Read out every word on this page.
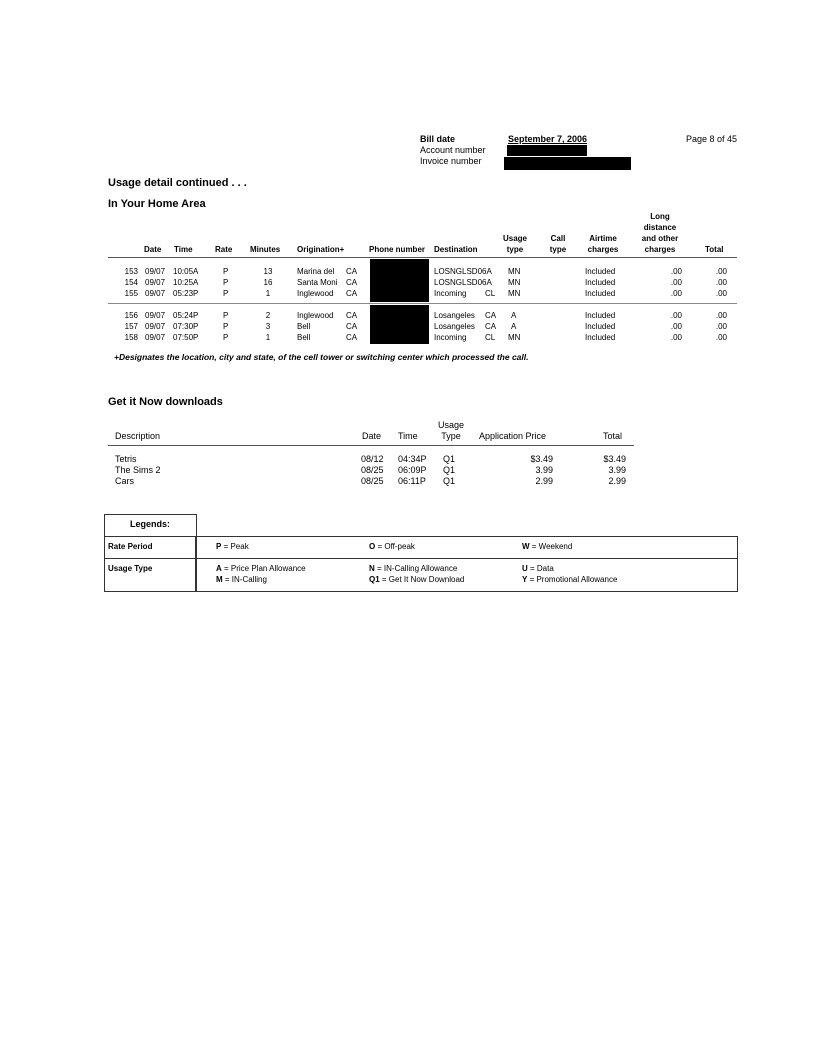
Bill date
Account number
Invoice number
September 7, 2006	Page 8 of 45
Usage detail continued . . .
In Your Home Area
Date Time	Rate Minutes Origination+	Phone number Destination
Usage
type
Call
type
Airtime
charges
Long
distance
and other
charges	Total
153 09/07 10:05A	P	13	Marina del CA	LOSNGLSD06A MN	Included	.00	.00
154 09/07 10:25A	P	16	Santa Moni CA	LOSNGLSD06A MN	Included	.00	.00
155 09/07 05:23P	P	1	Inglewood CA	Incoming CL MN	Included	.00	.00
156 09/07 05:24P	P	2	Inglewood CA	Losangeles CA A	Included	.00	.00
157 09/07 07:30P	P	3	Bell	CA	Losangeles CA A	Included	.00	.00
158 09/07 07:50P	P	1	Bell	CA	Incoming CL MN	Included	.00	.00
+Designates the location, city and state, of the cell tower or switching center which processed the call.
Get it Now downloads
Description	Date Time
Usage
Type	Application Price	Total
Tetris	08/12 04:34P Q1	$3.49	$3.49
The Sims 2	08/25 06:09P Q1	3.99	3.99
Cars	08/25 06:11P Q1	2.99	2.99
Legends:
Rate Period	P = Peak	O = Off-peak	W = Weekend
Usage Type	A = Price Plan Allowance	N = IN-Calling Allowance	U = Data
M = IN-Calling	Q1 = Get It Now Download	Y = Promotional Allowance
